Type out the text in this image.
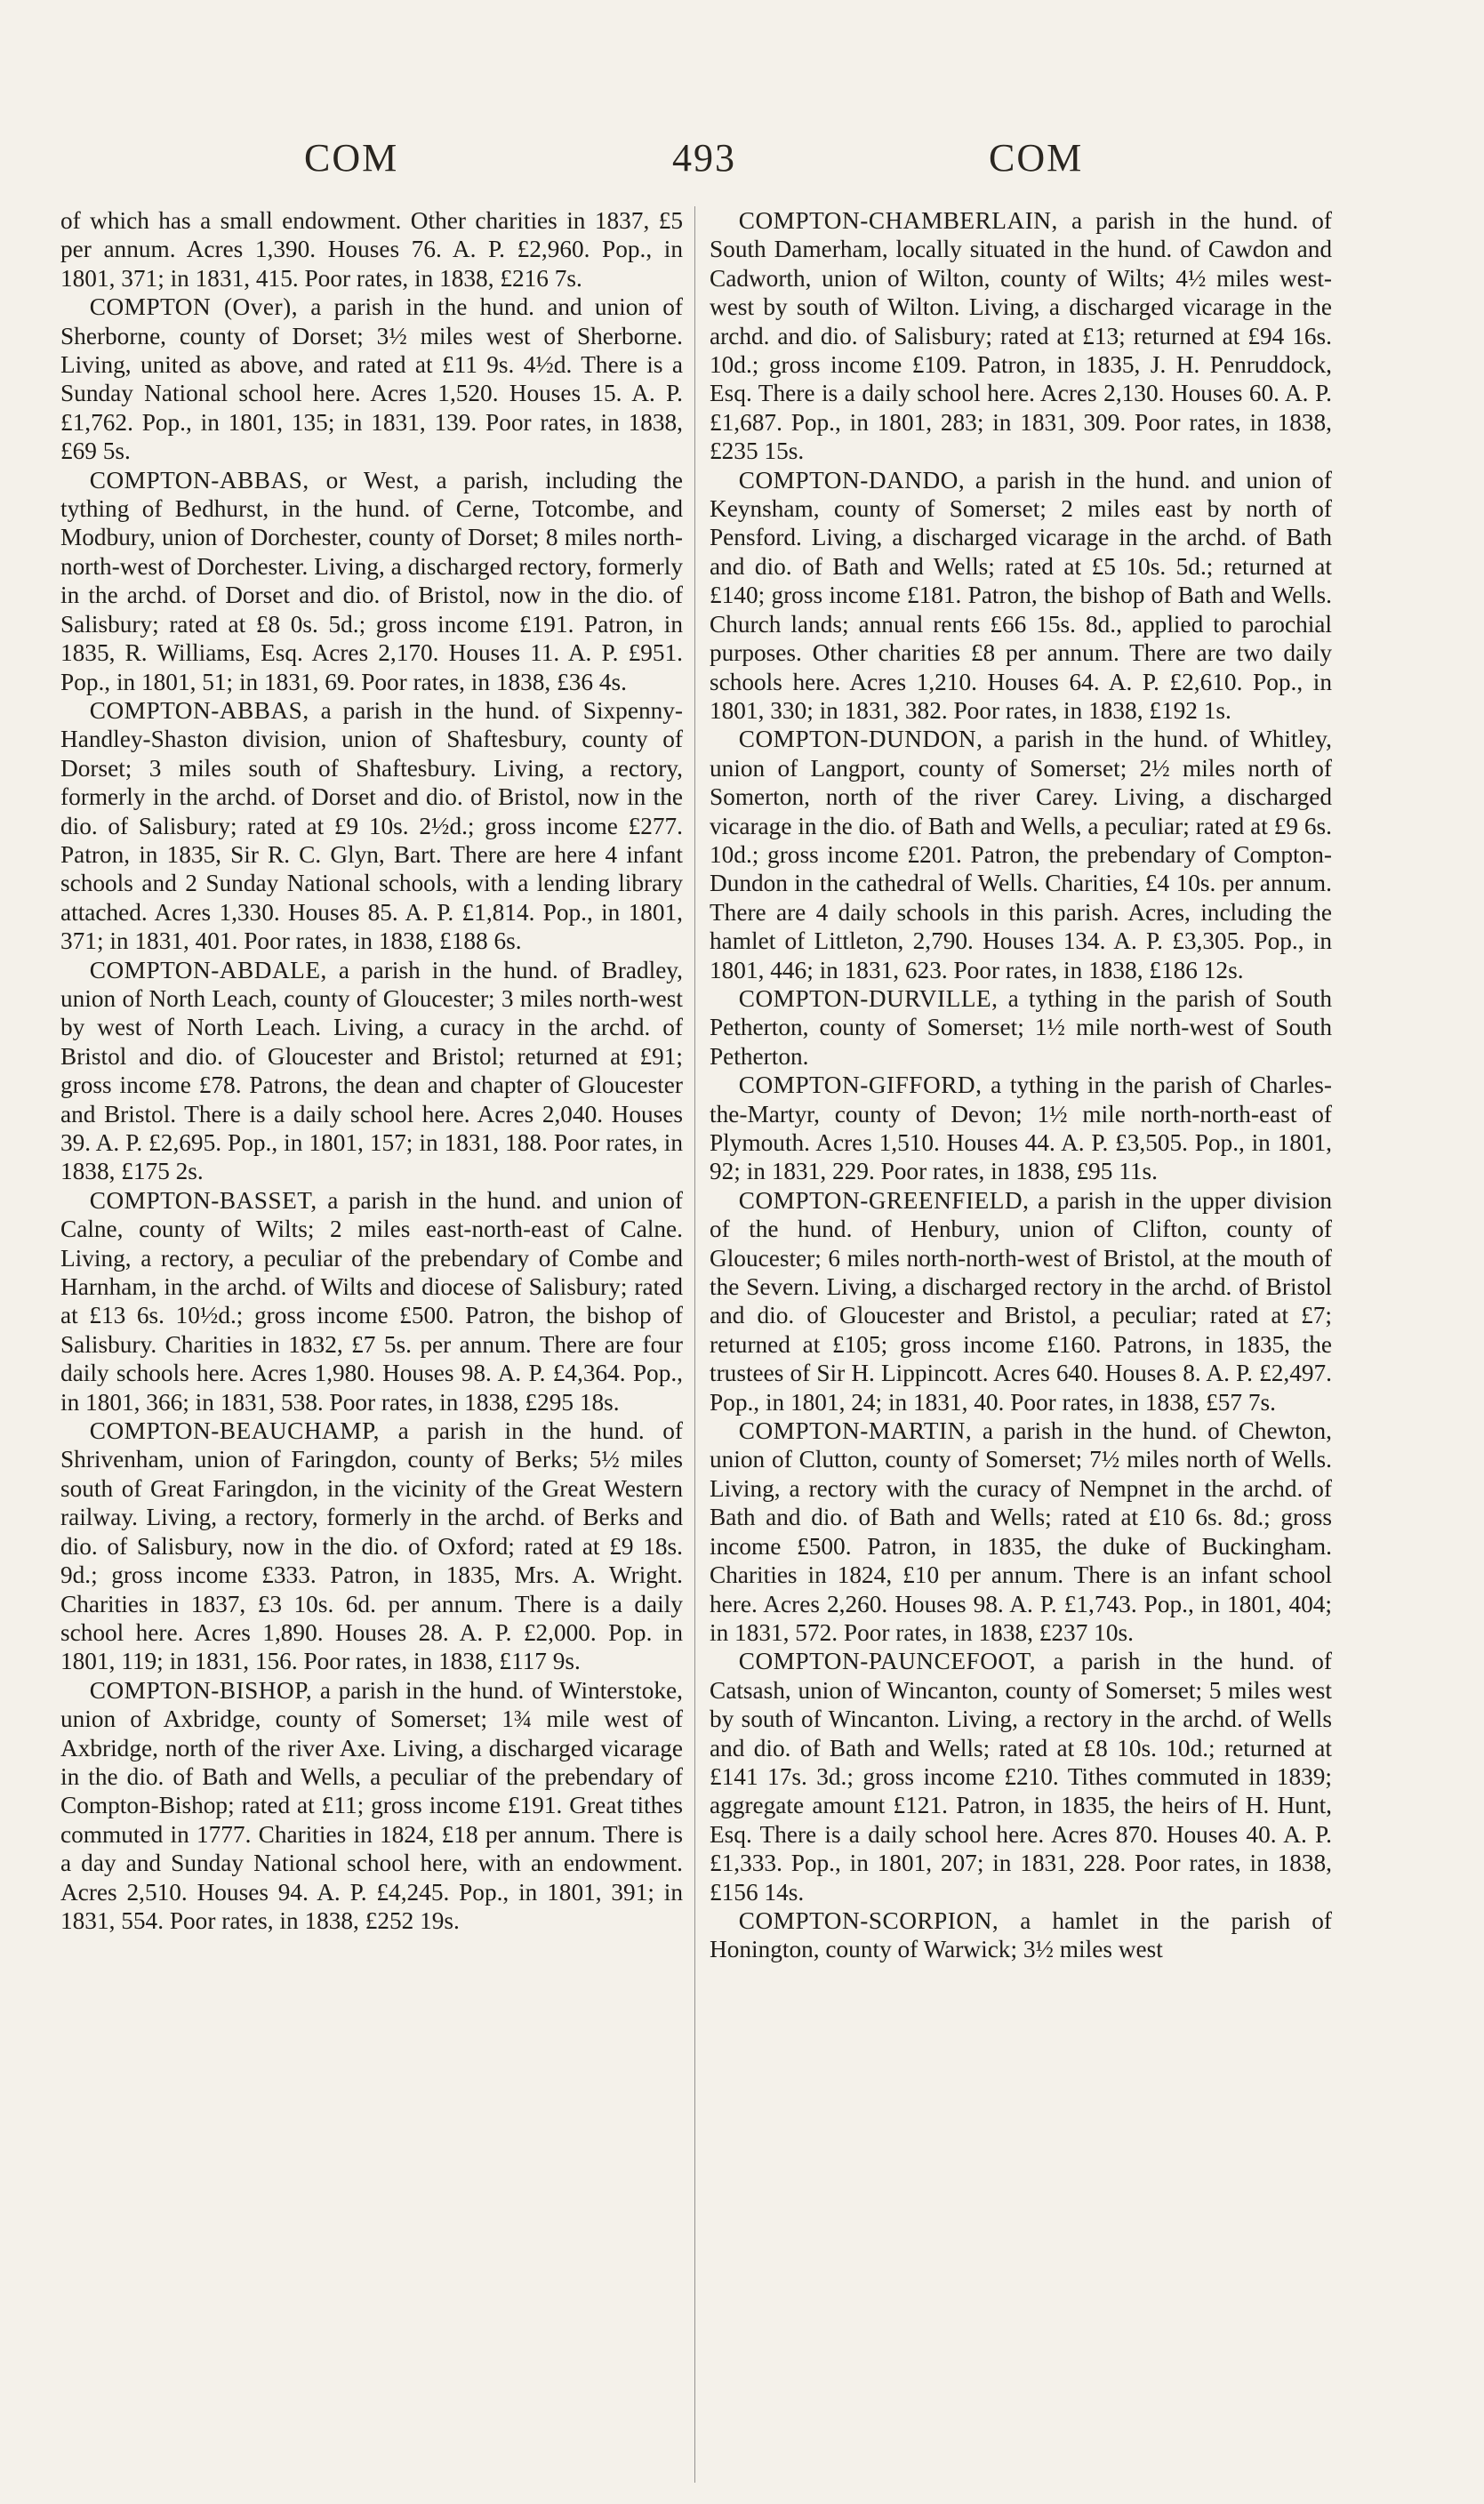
COM	493	COM

of which has a small endowment. Other charities in 1837, £5 per annum. Acres 1,390. Houses 76. A. P. £2,960. Pop., in 1801, 371; in 1831, 415. Poor rates, in 1838, £216 7s.

COMPTON (Over), a parish in the hund. and union of Sherborne, county of Dorset; 3½ miles west of Sherborne. Living, united as above, and rated at £11 9s. 4½d. There is a Sunday National school here. Acres 1,520. Houses 15. A. P. £1,762. Pop., in 1801, 135; in 1831, 139. Poor rates, in 1838, £69 5s.

COMPTON-ABBAS, or West, a parish, including the tything of Bedhurst, in the hund. of Cerne, Totcombe, and Modbury, union of Dorchester, county of Dorset; 8 miles north-north-west of Dorchester. Living, a discharged rectory, formerly in the archd. of Dorset and dio. of Bristol, now in the dio. of Salisbury; rated at £8 0s. 5d.; gross income £191. Patron, in 1835, R. Williams, Esq. Acres 2,170. Houses 11. A. P. £951. Pop., in 1801, 51; in 1831, 69. Poor rates, in 1838, £36 4s.

COMPTON-ABBAS, a parish in the hund. of Sixpenny-Handley-Shaston division, union of Shaftesbury, county of Dorset; 3 miles south of Shaftesbury. Living, a rectory, formerly in the archd. of Dorset and dio. of Bristol, now in the dio. of Salisbury; rated at £9 10s. 2½d.; gross income £277. Patron, in 1835, Sir R. C. Glyn, Bart. There are here 4 infant schools and 2 Sunday National schools, with a lending library attached. Acres 1,330. Houses 85. A. P. £1,814. Pop., in 1801, 371; in 1831, 401. Poor rates, in 1838, £188 6s.

COMPTON-ABDALE, a parish in the hund. of Bradley, union of North Leach, county of Gloucester; 3 miles north-west by west of North Leach. Living, a curacy in the archd. of Bristol and dio. of Gloucester and Bristol; returned at £91; gross income £78. Patrons, the dean and chapter of Gloucester and Bristol. There is a daily school here. Acres 2,040. Houses 39. A. P. £2,695. Pop., in 1801, 157; in 1831, 188. Poor rates, in 1838, £175 2s.

COMPTON-BASSET, a parish in the hund. and union of Calne, county of Wilts; 2 miles east-north-east of Calne. Living, a rectory, a peculiar of the prebendary of Combe and Harnham, in the archd. of Wilts and diocese of Salisbury; rated at £13 6s. 10½d.; gross income £500. Patron, the bishop of Salisbury. Charities in 1832, £7 5s. per annum. There are four daily schools here. Acres 1,980. Houses 98. A. P. £4,364. Pop., in 1801, 366; in 1831, 538. Poor rates, in 1838, £295 18s.

COMPTON-BEAUCHAMP, a parish in the hund. of Shrivenham, union of Faringdon, county of Berks; 5½ miles south of Great Faringdon, in the vicinity of the Great Western railway. Living, a rectory, formerly in the archd. of Berks and dio. of Salisbury, now in the dio. of Oxford; rated at £9 18s. 9d.; gross income £333. Patron, in 1835, Mrs. A. Wright. Charities in 1837, £3 10s. 6d. per annum. There is a daily school here. Acres 1,890. Houses 28. A. P. £2,000. Pop. in 1801, 119; in 1831, 156. Poor rates, in 1838, £117 9s.

COMPTON-BISHOP, a parish in the hund. of Winterstoke, union of Axbridge, county of Somerset; 1¾ mile west of Axbridge, north of the river Axe. Living, a discharged vicarage in the dio. of Bath and Wells, a peculiar of the prebendary of Compton-Bishop; rated at £11; gross income £191. Great tithes commuted in 1777. Charities in 1824, £18 per annum. There is a day and Sunday National school here, with an endowment. Acres 2,510. Houses 94. A. P. £4,245. Pop., in 1801, 391; in 1831, 554. Poor rates, in 1838, £252 19s.

COMPTON-CHAMBERLAIN, a parish in the hund. of South Damerham, locally situated in the hund. of Cawdon and Cadworth, union of Wilton, county of Wilts; 4½ miles west-west by south of Wilton. Living, a discharged vicarage in the archd. and dio. of Salisbury; rated at £13; returned at £94 16s. 10d.; gross income £109. Patron, in 1835, J. H. Penruddock, Esq. There is a daily school here. Acres 2,130. Houses 60. A. P. £1,687. Pop., in 1801, 283; in 1831, 309. Poor rates, in 1838, £235 15s.

COMPTON-DANDO, a parish in the hund. and union of Keynsham, county of Somerset; 2 miles east by north of Pensford. Living, a discharged vicarage in the archd. of Bath and dio. of Bath and Wells; rated at £5 10s. 5d.; returned at £140; gross income £181. Patron, the bishop of Bath and Wells. Church lands; annual rents £66 15s. 8d., applied to parochial purposes. Other charities £8 per annum. There are two daily schools here. Acres 1,210. Houses 64. A. P. £2,610. Pop., in 1801, 330; in 1831, 382. Poor rates, in 1838, £192 1s.

COMPTON-DUNDON, a parish in the hund. of Whitley, union of Langport, county of Somerset; 2½ miles north of Somerton, north of the river Carey. Living, a discharged vicarage in the dio. of Bath and Wells, a peculiar; rated at £9 6s. 10d.; gross income £201. Patron, the prebendary of Compton-Dundon in the cathedral of Wells. Charities, £4 10s. per annum. There are 4 daily schools in this parish. Acres, including the hamlet of Littleton, 2,790. Houses 134. A. P. £3,305. Pop., in 1801, 446; in 1831, 623. Poor rates, in 1838, £186 12s.

COMPTON-DURVILLE, a tything in the parish of South Petherton, county of Somerset; 1½ mile north-west of South Petherton.

COMPTON-GIFFORD, a tything in the parish of Charles-the-Martyr, county of Devon; 1½ mile north-north-east of Plymouth. Acres 1,510. Houses 44. A. P. £3,505. Pop., in 1801, 92; in 1831, 229. Poor rates, in 1838, £95 11s.

COMPTON-GREENFIELD, a parish in the upper division of the hund. of Henbury, union of Clifton, county of Gloucester; 6 miles north-north-west of Bristol, at the mouth of the Severn. Living, a discharged rectory in the archd. of Bristol and dio. of Gloucester and Bristol, a peculiar; rated at £7; returned at £105; gross income £160. Patrons, in 1835, the trustees of Sir H. Lippincott. Acres 640. Houses 8. A. P. £2,497. Pop., in 1801, 24; in 1831, 40. Poor rates, in 1838, £57 7s.

COMPTON-MARTIN, a parish in the hund. of Chewton, union of Clutton, county of Somerset; 7½ miles north of Wells. Living, a rectory with the curacy of Nempnet in the archd. of Bath and dio. of Bath and Wells; rated at £10 6s. 8d.; gross income £500. Patron, in 1835, the duke of Buckingham. Charities in 1824, £10 per annum. There is an infant school here. Acres 2,260. Houses 98. A. P. £1,743. Pop., in 1801, 404; in 1831, 572. Poor rates, in 1838, £237 10s.

COMPTON-PAUNCEFOOT, a parish in the hund. of Catsash, union of Wincanton, county of Somerset; 5 miles west by south of Wincanton. Living, a rectory in the archd. of Wells and dio. of Bath and Wells; rated at £8 10s. 10d.; returned at £141 17s. 3d.; gross income £210. Tithes commuted in 1839; aggregate amount £121. Patron, in 1835, the heirs of H. Hunt, Esq. There is a daily school here. Acres 870. Houses 40. A. P. £1,333. Pop., in 1801, 207; in 1831, 228. Poor rates, in 1838, £156 14s.

COMPTON-SCORPION, a hamlet in the parish of Honington, county of Warwick; 3½ miles west
